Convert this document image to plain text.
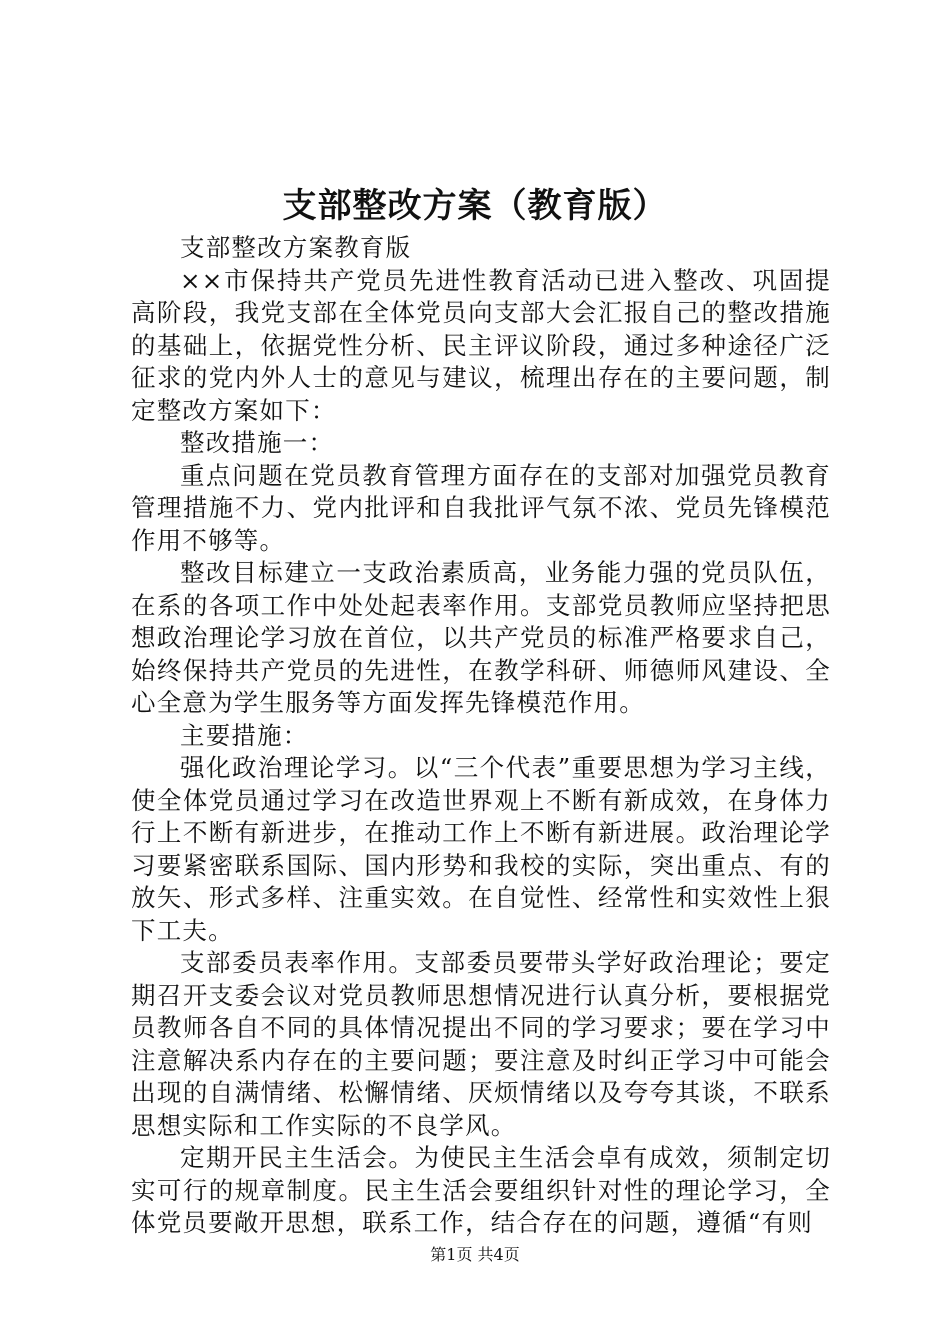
支部整改方案（教育版）

支部整改方案教育版

××市保持共产党员先进性教育活动已进入整改、巩固提高阶段，我党支部在全体党员向支部大会汇报自己的整改措施的基础上，依据党性分析、民主评议阶段，通过多种途径广泛征求的党内外人士的意见与建议，梳理出存在的主要问题，制定整改方案如下：

整改措施一：

重点问题在党员教育管理方面存在的支部对加强党员教育管理措施不力、党内批评和自我批评气氛不浓、党员先锋模范作用不够等。

整改目标建立一支政治素质高，业务能力强的党员队伍，在系的各项工作中处处起表率作用。支部党员教师应坚持把思想政治理论学习放在首位，以共产党员的标准严格要求自己，始终保持共产党员的先进性，在教学科研、师德师风建设、全心全意为学生服务等方面发挥先锋模范作用。

主要措施：

强化政治理论学习。以“三个代表”重要思想为学习主线，使全体党员通过学习在改造世界观上不断有新成效，在身体力行上不断有新进步，在推动工作上不断有新进展。政治理论学习要紧密联系国际、国内形势和我校的实际，突出重点、有的放矢、形式多样、注重实效。在自觉性、经常性和实效性上狠下工夫。

支部委员表率作用。支部委员要带头学好政治理论；要定期召开支委会议对党员教师思想情况进行认真分析，要根据党员教师各自不同的具体情况提出不同的学习要求；要在学习中注意解决系内存在的主要问题；要注意及时纠正学习中可能会出现的自满情绪、松懈情绪、厌烦情绪以及夸夸其谈，不联系思想实际和工作实际的不良学风。

定期开民主生活会。为使民主生活会卓有成效，须制定切实可行的规章制度。民主生活会要组织针对性的理论学习，全体党员要敞开思想，联系工作，结合存在的问题，遵循“有则

第1页 共4页
